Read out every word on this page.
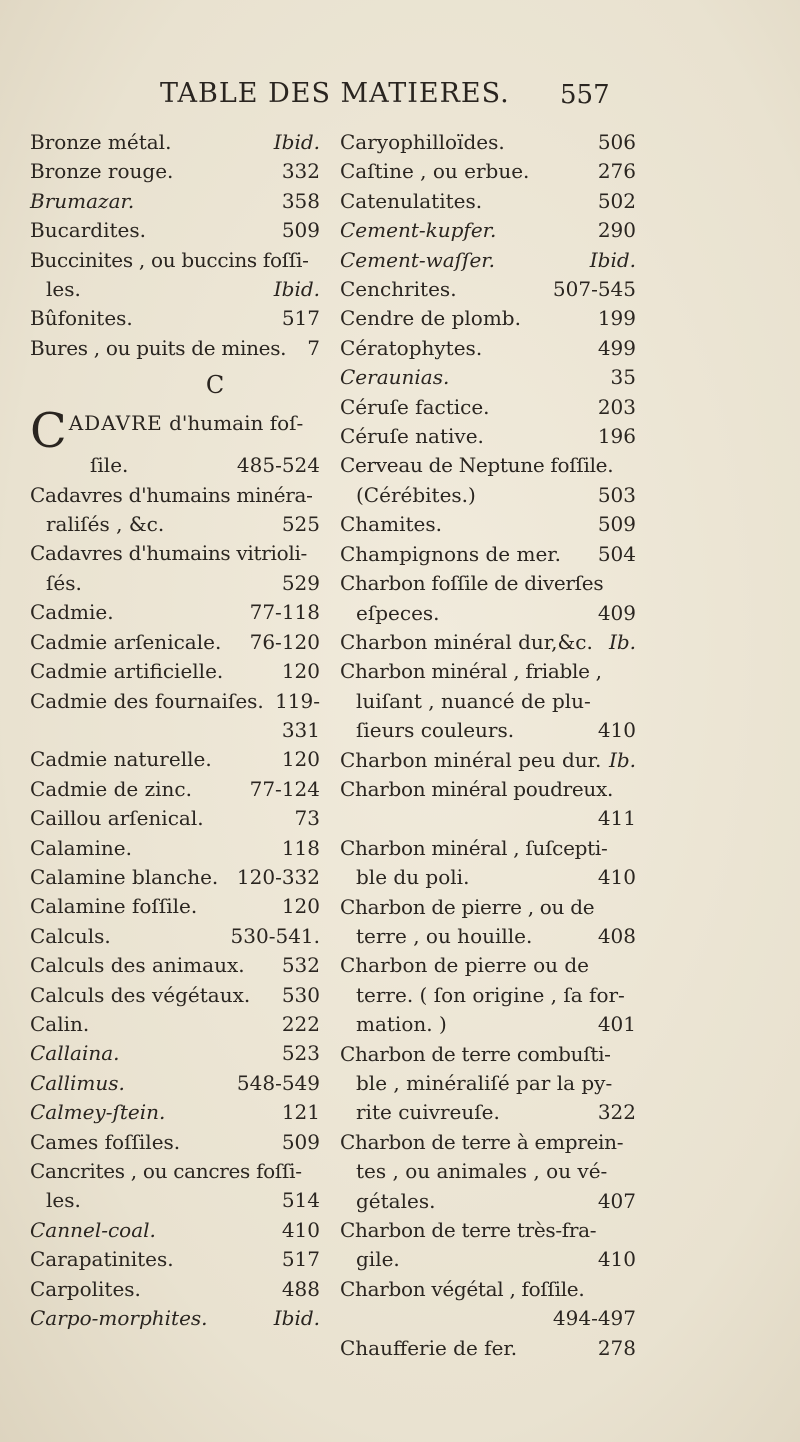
TABLE DES MATIERES.	557
Bronze métal.	Ibid.
Bronze rouge.	332
Brumazar.	358
Bucardites.	509
Buccinites , ou buccins foſſi-
les.	Ibid.
Bûfonites.	517
Bures , ou puits de mines. 7
C
CADAVRE d'humain foſ-
ſile.	485-524
Cadavres d'humains minéra-
raliſés , &c.	525
Cadavres d'humains vitrioli-
ſés.	529
Cadmie.	77-118
Cadmie arſenicale. 76-120
Cadmie artificielle.	120
Cadmie des fournaiſes. 119-
331
Cadmie naturelle.	120
Cadmie de zinc.	77-124
Caillou arſenical.	73
Calamine.	118
Calamine blanche. 120-332
Calamine foſſile.	120
Calculs.	530-541.
Calculs des animaux. 532
Calculs des végétaux. 530
Calin.	222
Callaina.	523
Callimus.	548-549
Calmey-ſtein.	121
Cames foſſiles.	509
Cancrites , ou cancres foſſi-
les.	514
Cannel-coal.	410
Carapatinites.	517
Carpolites.	488
Carpo-morphites.	Ibid.
Caryophilloïdes.	506
Caſtine , ou erbue.	276
Catenulatites.	502
Cement-kupfer.	290
Cement-waſſer.	Ibid.
Cenchrites.	507-545
Cendre de plomb.	199
Cératophytes.	499
Ceraunias.	35
Céruſe factice.	203
Céruſe native.	196
Cerveau de Neptune foſſile.
(Cérébites.)	503
Chamites.	509
Champignons de mer. 504
Charbon foſſile de diverſes
eſpeces.	409
Charbon minéral dur,&c. Ib.
Charbon minéral , friable ,
luiſant , nuancé de plu-
ſieurs couleurs.	410
Charbon minéral peu dur. Ib.
Charbon minéral poudreux.
411
Charbon minéral , ſuſcepti-
ble du poli.	410
Charbon de pierre , ou de
terre , ou houille.	408
Charbon de pierre ou de
terre. ( ſon origine , ſa for-
mation. )	401
Charbon de terre combuſti-
ble , minéraliſé par la py-
rite cuivreuſe.	322
Charbon de terre à emprein-
tes , ou animales , ou vé-
gétales.	407
Charbon de terre très-fra-
gile.	410
Charbon végétal , foſſile.
494-497
Chaufferie de fer.	278
